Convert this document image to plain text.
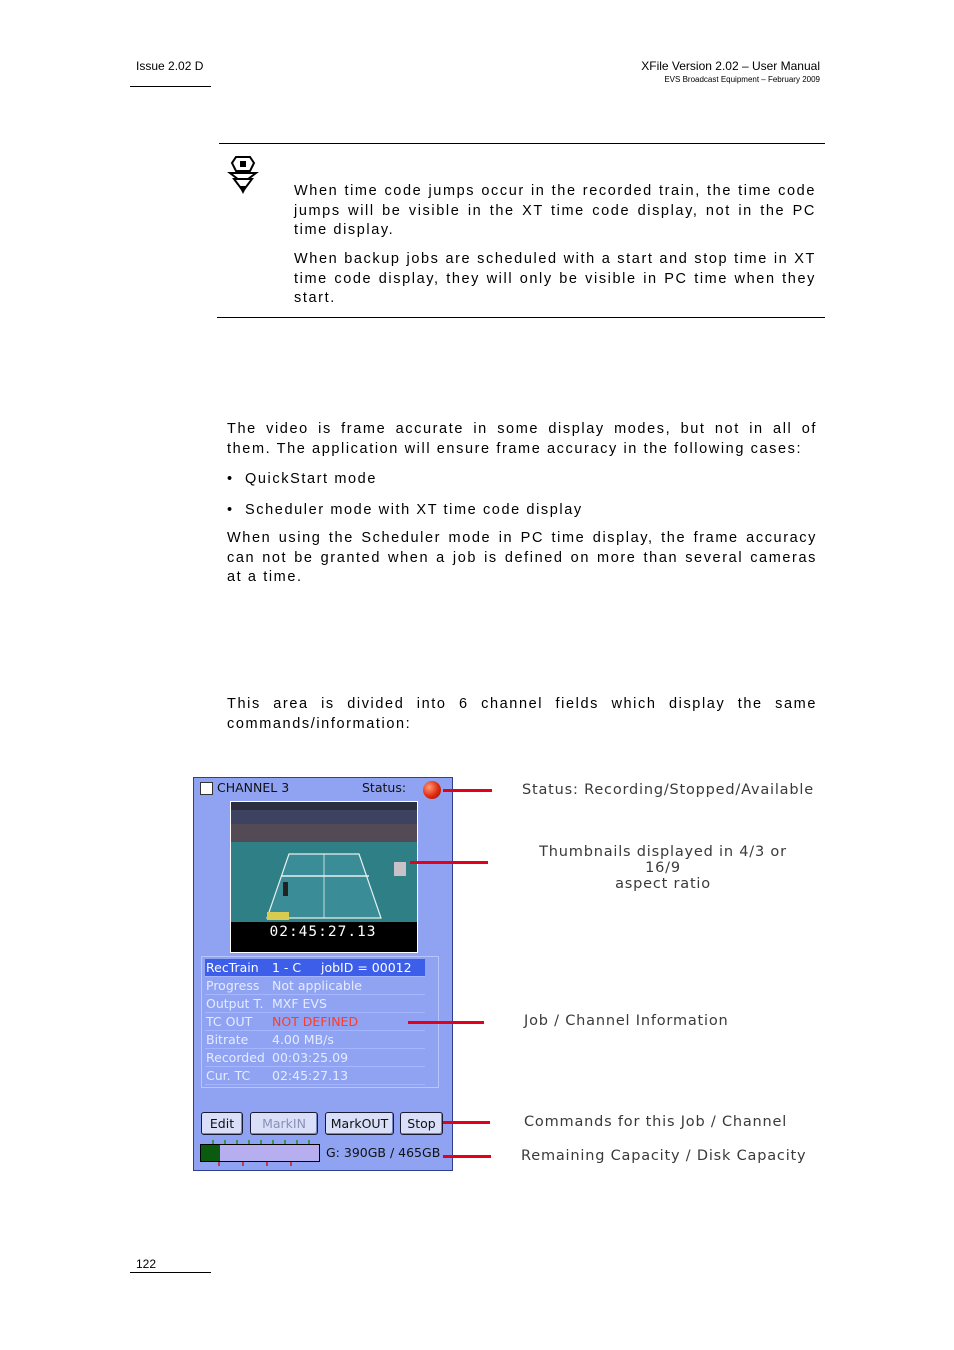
Issue 2.02 D	XFile Version 2.02 – User Manual
EVS Broadcast Equipment – February 2009
When time code jumps occur in the recorded train, the time code jumps will be visible in the XT time code display, not in the PC time display.
When backup jobs are scheduled with a start and stop time in XT time code display, they will only be visible in PC time when they start.
The video is frame accurate in some display modes, but not in all of them. The application will ensure frame accuracy in the following cases:
• QuickStart mode
• Scheduler mode with XT time code display
When using the Scheduler mode in PC time display, the frame accuracy can not be granted when a job is defined on more than several cameras at a time.
This area is divided into 6 channel fields which display the same commands/information:
CHANNEL 3	Status:
02:45:27.13
RecTrain 1 - C     jobID = 00012
Progress Not applicable
Output T. MXF EVS
TC OUT NOT DEFINED
Bitrate 4.00 MB/s
Recorded 00:03:25.09
Cur. TC 02:45:27.13
Edit	MarkIN	MarkOUT	Stop
G: 390GB / 465GB
Status: Recording/Stopped/Available
Thumbnails displayed in 4/3 or 16/9
aspect ratio
Job / Channel Information
Commands for this Job / Channel
Remaining Capacity / Disk Capacity
122
